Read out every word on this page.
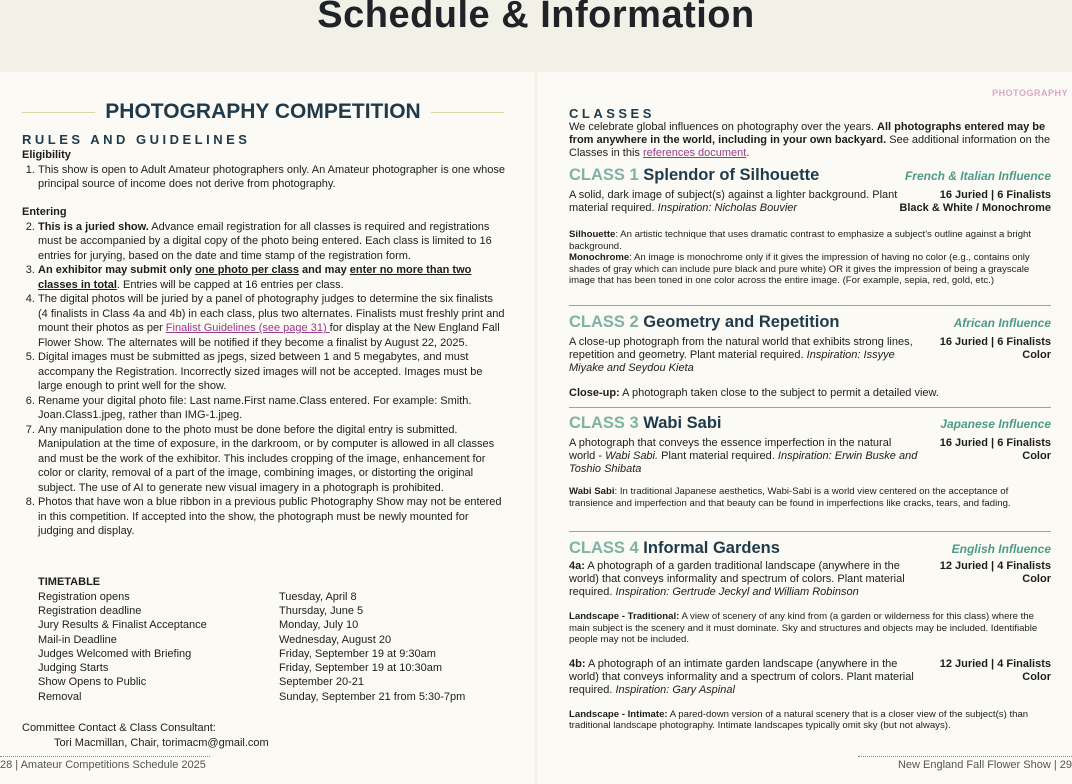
Schedule & Information
PHOTOGRAPHY
PHOTOGRAPHY COMPETITION
RULES AND GUIDELINES
Eligibility
1. This show is open to Adult Amateur photographers only. An Amateur photographer is one whose principal source of income does not derive from photography.
Entering
2. This is a juried show. Advance email registration for all classes is required and registrations must be accompanied by a digital copy of the photo being entered. Each class is limited to 16 entries for jurying, based on the date and time stamp of the registration form.
3. An exhibitor may submit only one photo per class and may enter no more than two classes in total. Entries will be capped at 16 entries per class.
4. The digital photos will be juried by a panel of photography judges to determine the six finalists (4 finalists in Class 4a and 4b) in each class, plus two alternates. Finalists must freshly print and mount their photos as per Finalist Guidelines (see page 31) for display at the New England Fall Flower Show. The alternates will be notified if they become a finalist by August 22, 2025.
5. Digital images must be submitted as jpegs, sized between 1 and 5 megabytes, and must accompany the Registration. Incorrectly sized images will not be accepted. Images must be large enough to print well for the show.
6. Rename your digital photo file: Last name.First name.Class entered. For example: Smith. Joan.Class1.jpeg, rather than IMG-1.jpeg.
7. Any manipulation done to the photo must be done before the digital entry is submitted. Manipulation at the time of exposure, in the darkroom, or by computer is allowed in all classes and must be the work of the exhibitor. This includes cropping of the image, enhancement for color or clarity, removal of a part of the image, combining images, or distorting the original subject. The use of AI to generate new visual imagery in a photograph is prohibited.
8. Photos that have won a blue ribbon in a previous public Photography Show may not be entered in this competition. If accepted into the show, the photograph must be newly mounted for judging and display.
TIMETABLE
Registration opens	Tuesday, April 8
Registration deadline	Thursday, June 5
Jury Results & Finalist Acceptance	Monday, July 10
Mail-in Deadline	Wednesday, August 20
Judges Welcomed with Briefing	Friday, September 19 at 9:30am
Judging Starts	Friday, September 19 at 10:30am
Show Opens to Public	September 20-21
Removal	Sunday, September 21 from 5:30-7pm
Committee Contact & Class Consultant:
Tori Macmillan, Chair, torimacm@gmail.com
28 | Amateur Competitions Schedule 2025	New England Fall Flower Show | 29
CLASSES
We celebrate global influences on photography over the years. All photographs entered may be from anywhere in the world, including in your own backyard. See additional information on the Classes in this references document.
CLASS 1 Splendor of Silhouette	French & Italian Influence
A solid, dark image of subject(s) against a lighter background. Plant material required. Inspiration: Nicholas Bouvier
16 Juried | 6 Finalists
Black & White / Monochrome
Silhouette: An artistic technique that uses dramatic contrast to emphasize a subject's outline against a bright background.
Monochrome: An image is monochrome only if it gives the impression of having no color (e.g., contains only shades of gray which can include pure black and pure white) OR it gives the impression of being a grayscale image that has been toned in one color across the entire image. (For example, sepia, red, gold, etc.)
CLASS 2 Geometry and Repetition	African Influence
A close-up photograph from the natural world that exhibits strong lines, repetition and geometry. Plant material required. Inspiration: Issyye Miyake and Seydou Kieta
16 Juried | 6 Finalists
Color
Close-up: A photograph taken close to the subject to permit a detailed view.
CLASS 3 Wabi Sabi	Japanese Influence
A photograph that conveys the essence imperfection in the natural world - Wabi Sabi. Plant material required. Inspiration: Erwin Buske and Toshio Shibata
16 Juried | 6 Finalists
Color
Wabi Sabi: In traditional Japanese aesthetics, Wabi-Sabi is a world view centered on the acceptance of transience and imperfection and that beauty can be found in imperfections like cracks, tears, and fading.
CLASS 4 Informal Gardens	English Influence
4a: A photograph of a garden traditional landscape (anywhere in the world) that conveys informality and spectrum of colors. Plant material required. Inspiration: Gertrude Jeckyl and William Robinson
12 Juried | 4 Finalists
Color
Landscape - Traditional: A view of scenery of any kind from (a garden or wilderness for this class) where the main subject is the scenery and it must dominate. Sky and structures and objects may be included. Identifiable people may not be included.
4b: A photograph of an intimate garden landscape (anywhere in the world) that conveys informality and a spectrum of colors. Plant material required. Inspiration: Gary Aspinal
12 Juried | 4 Finalists
Color
Landscape - Intimate: A pared-down version of a natural scenery that is a closer view of the subject(s) than traditional landscape photography. Intimate landscapes typically omit sky (but not always).
